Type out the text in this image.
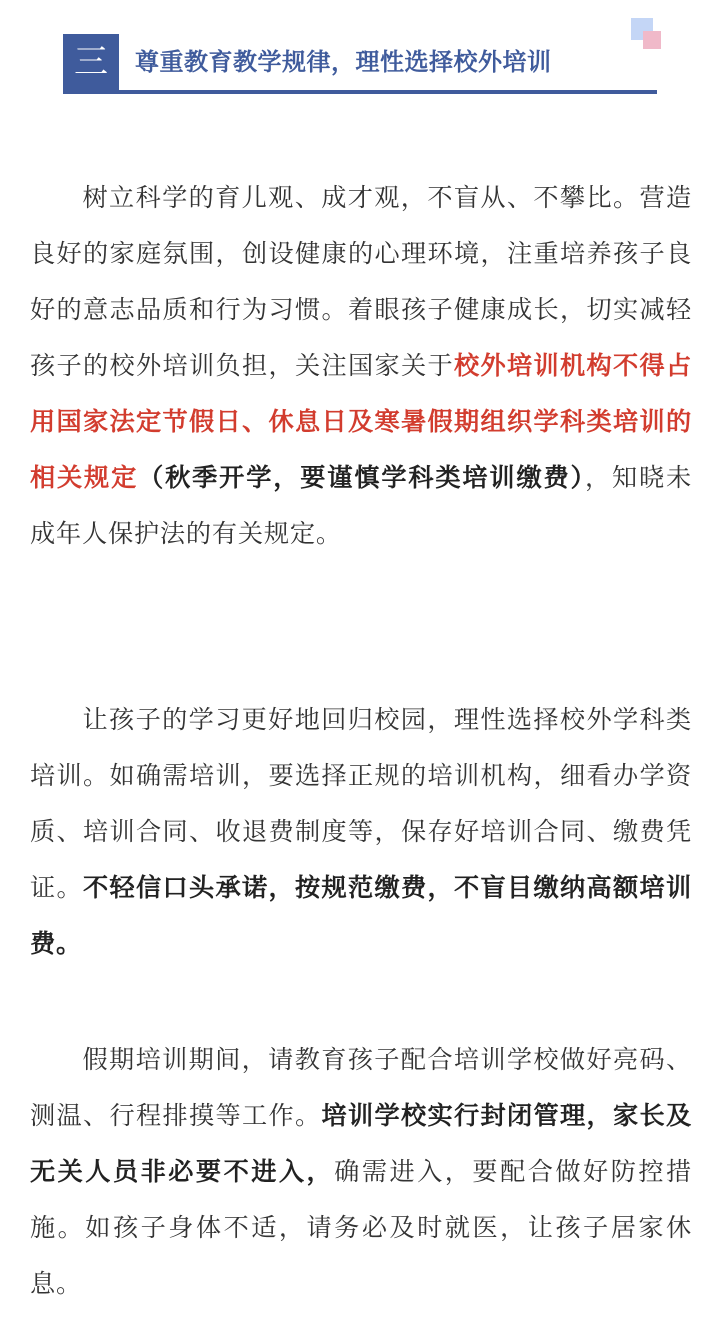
三	尊重教育教学规律，理性选择校外培训
树立科学的育儿观、成才观，不盲从、不攀比。营造良好的家庭氛围，创设健康的心理环境，注重培养孩子良好的意志品质和行为习惯。着眼孩子健康成长，切实减轻孩子的校外培训负担，关注国家关于校外培训机构不得占用国家法定节假日、休息日及寒暑假期组织学科类培训的相关规定（秋季开学，要谨慎学科类培训缴费），知晓未成年人保护法的有关规定。
让孩子的学习更好地回归校园，理性选择校外学科类培训。如确需培训，要选择正规的培训机构，细看办学资质、培训合同、收退费制度等，保存好培训合同、缴费凭证。不轻信口头承诺，按规范缴费，不盲目缴纳高额培训费。
假期培训期间，请教育孩子配合培训学校做好亮码、测温、行程排摸等工作。培训学校实行封闭管理，家长及无关人员非必要不进入，确需进入，要配合做好防控措施。如孩子身体不适，请务必及时就医，让孩子居家休息。
